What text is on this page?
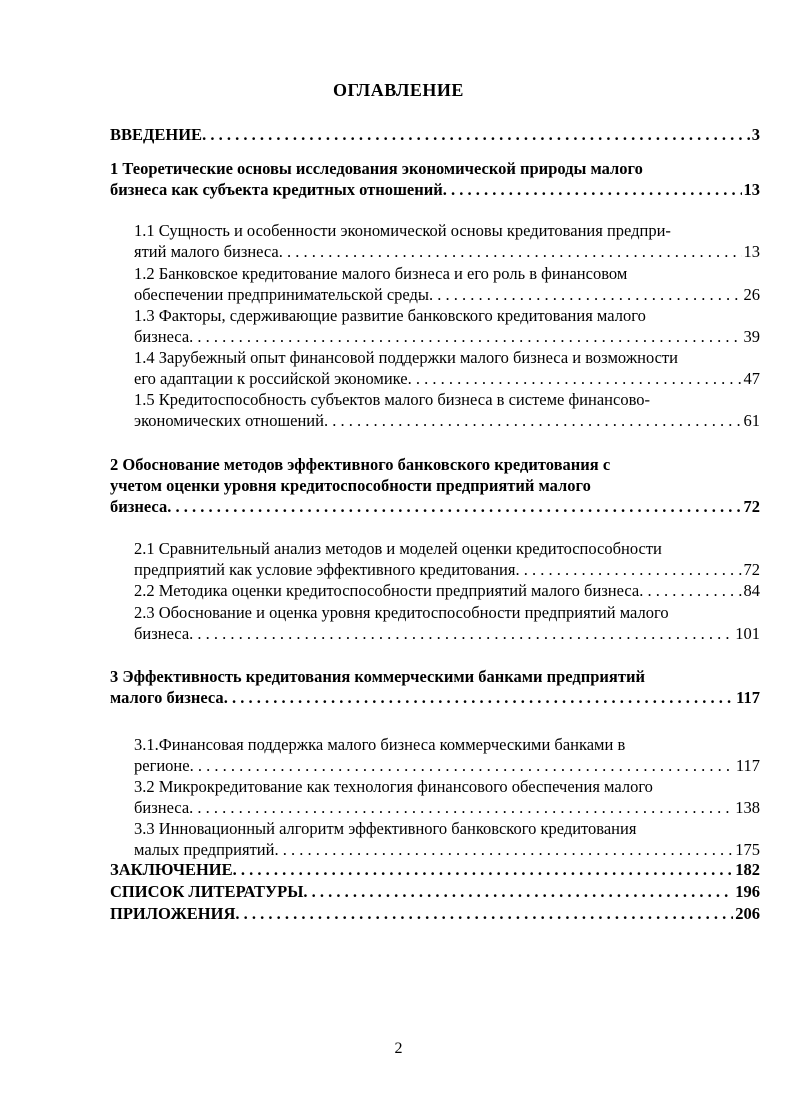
ОГЛАВЛЕНИЕ
ВВЕДЕНИЕ . . .	3
1 Теоретические основы исследования экономической природы малого
бизнеса как субъекта кредитных отношений . . .	13
1.1 Сущность и особенности экономической основы кредитования предпри-
ятий малого бизнеса . . .	13
1.2 Банковское кредитование малого бизнеса и его роль в финансовом
обеспечении предпринимательской среды . . .	26
1.3 Факторы, сдерживающие развитие банковского кредитования малого
бизнеса . . .	39
1.4 Зарубежный опыт финансовой поддержки малого бизнеса и возможности
его адаптации к российской экономике . . .	47
1.5 Кредитоспособность субъектов малого бизнеса в системе финансово-
экономических отношений . . .	61
2 Обоснование методов эффективного банковского кредитования с
учетом оценки уровня кредитоспособности предприятий малого
бизнеса . . .	72
2.1 Сравнительный анализ методов и моделей оценки кредитоспособности
предприятий как условие эффективного кредитования . . .	72
2.2 Методика оценки кредитоспособности предприятий малого бизнеса . . .	84
2.3 Обоснование и оценка уровня кредитоспособности предприятий малого
бизнеса . . .	101
3 Эффективность кредитования коммерческими банками предприятий
малого бизнеса . . .	117
3.1.Финансовая поддержка малого бизнеса коммерческими банками в
регионе . . .	117
3.2 Микрокредитование как технология финансового обеспечения малого
бизнеса . . .	138
3.3 Инновационный алгоритм эффективного банковского кредитования
малых предприятий . . .	175
ЗАКЛЮЧЕНИЕ . . .	182
СПИСОК ЛИТЕРАТУРЫ . . .	196
ПРИЛОЖЕНИЯ . . .	206
2
